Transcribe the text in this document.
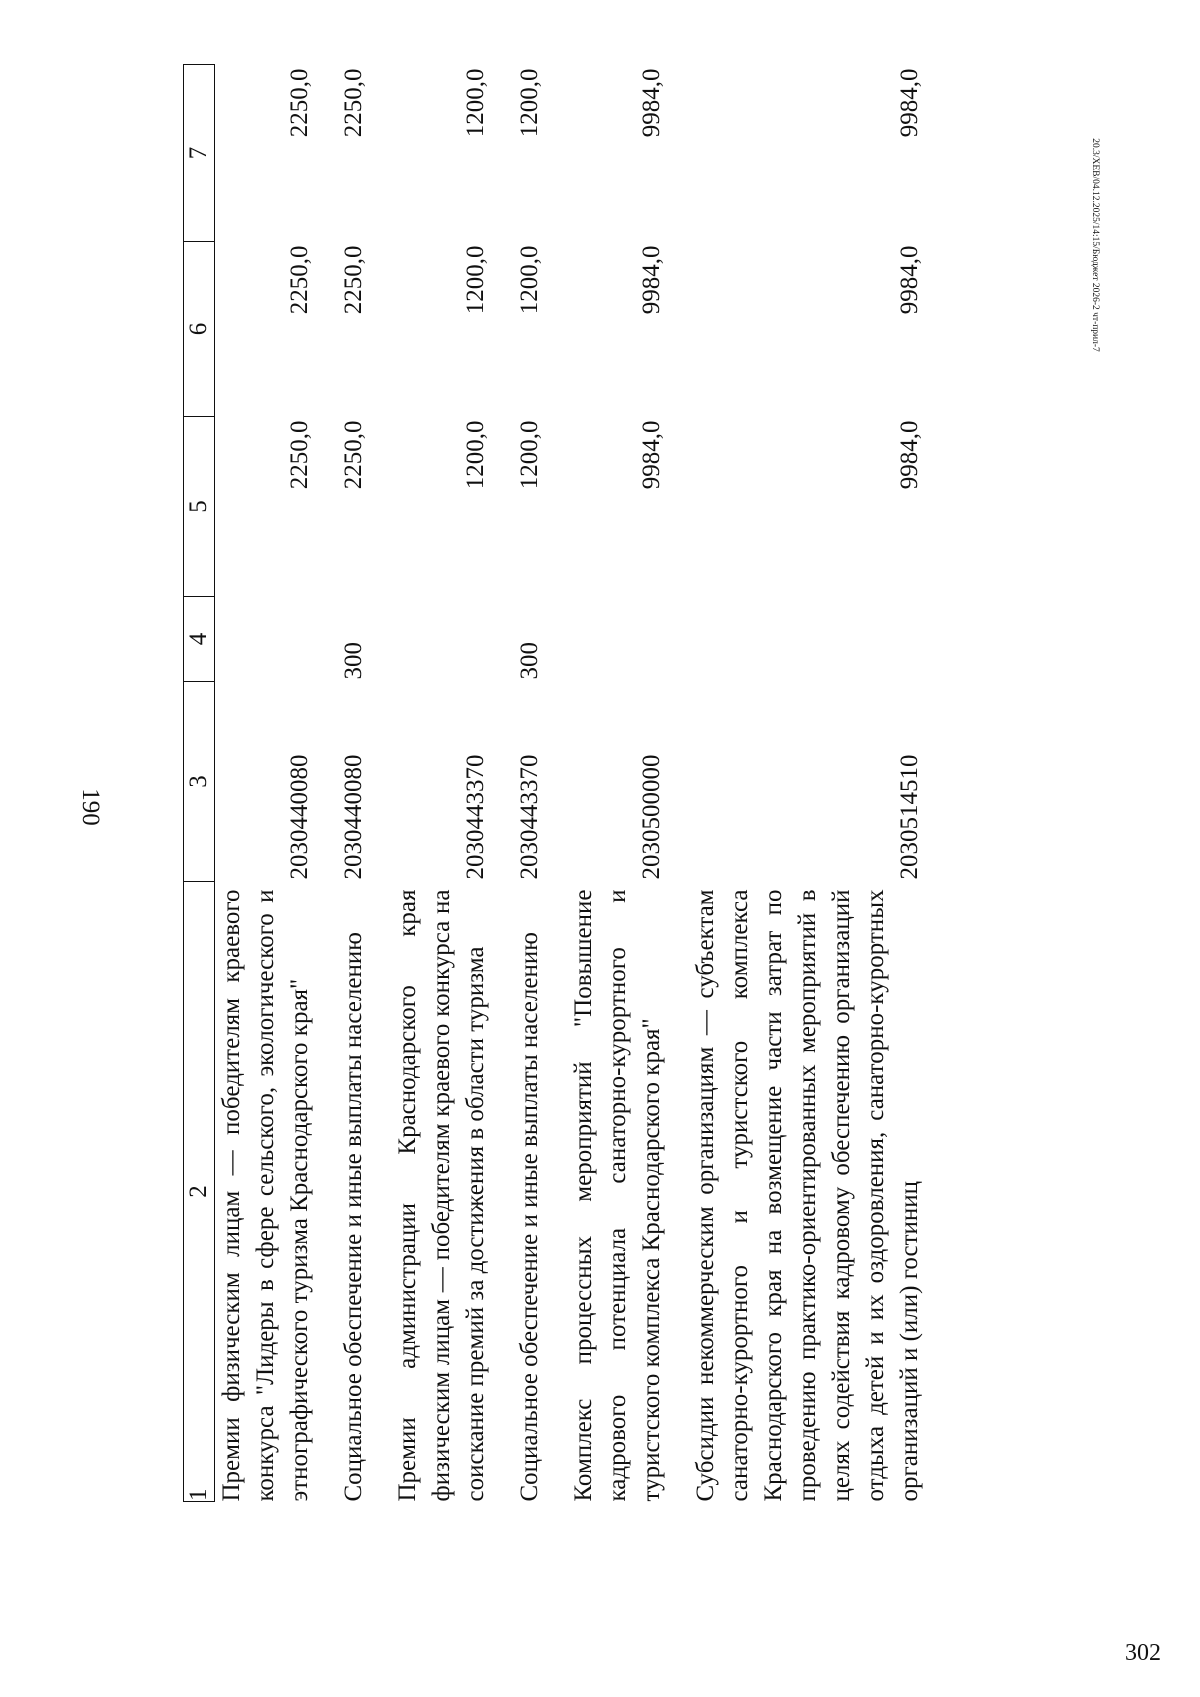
190
20.3/ХЕВ/04.12.2025/14:15/Бюджет 2026-2 чт-прил-7
302
1	2	3	4	5	6	7
	Премии физическим лицам — победителям краевого конкурса "Лидеры в сфере сельского, экологического и этнографического туризма Краснодарского края"	2030440080		2250,0	2250,0	2250,0

	Социальное обеспечение и иные выплаты населению	2030440080	300	2250,0	2250,0	2250,0

	Премии администрации Краснодарского края физическим лицам — победителям краевого конкурса на соискание премий за достижения в области туризма	2030443370		1200,0	1200,0	1200,0

	Социальное обеспечение и иные выплаты населению	2030443370	300	1200,0	1200,0	1200,0

	Комплекс процессных мероприятий "Повышение кадрового потенциала санаторно-курортного и туристского комплекса Краснодарского края"	2030500000		9984,0	9984,0	9984,0

	Субсидии некоммерческим организациям — субъектам санаторно-курортного и туристского комплекса Краснодарского края на возмещение части затрат по проведению практико-ориентированных мероприятий в целях содействия кадровому обеспечению организаций отдыха детей и их оздоровления, санаторно-курортных организаций и (или) гостиниц	2030514510		9984,0	9984,0	9984,0
